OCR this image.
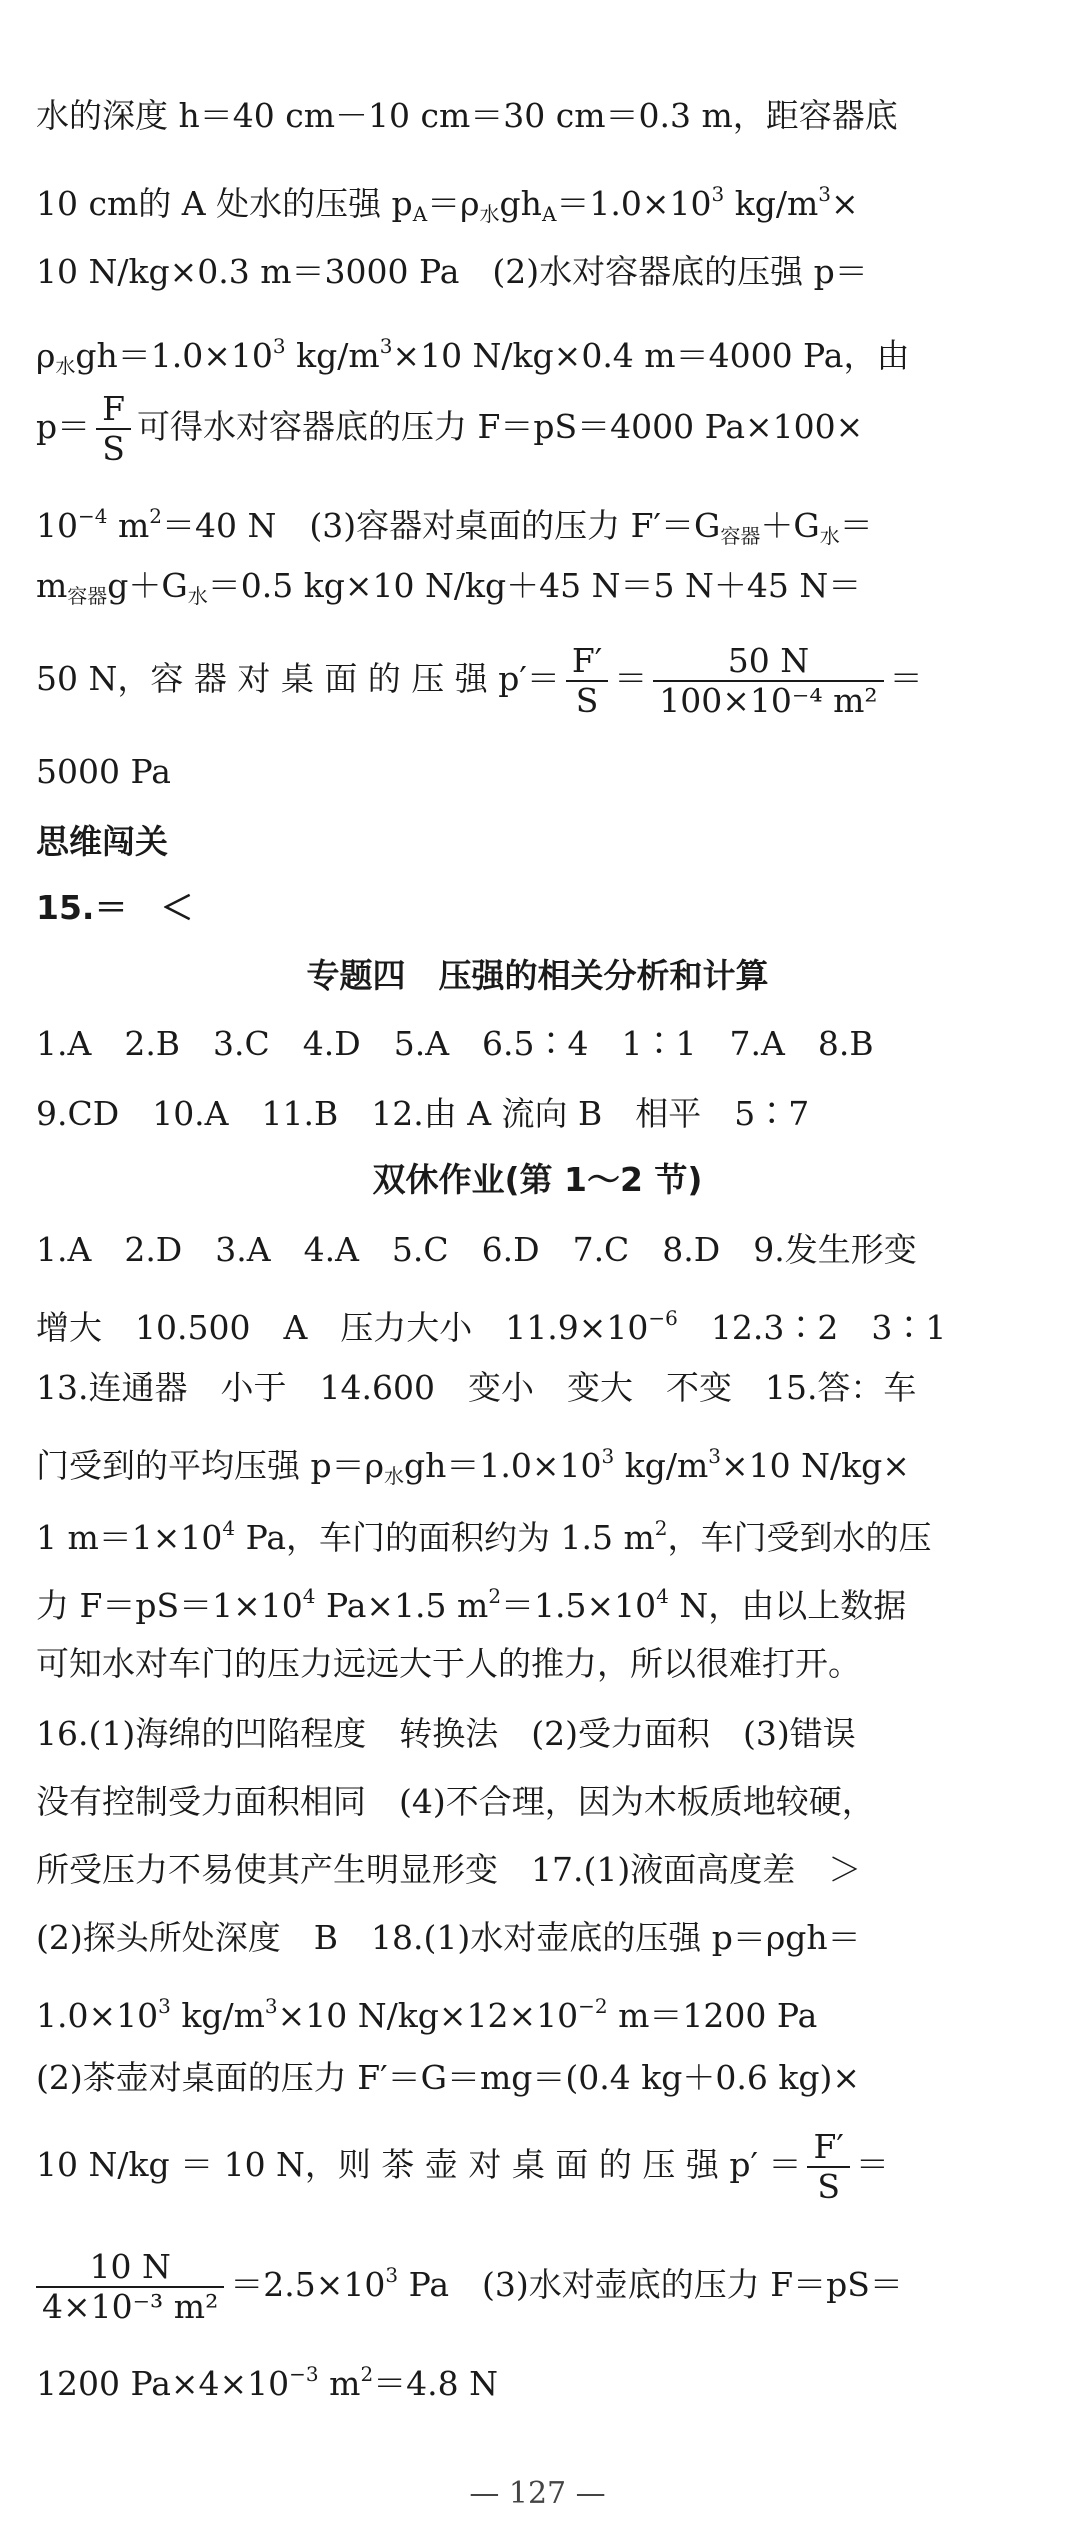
水的深度 h＝40 cm－10 cm＝30 cm＝0.3 m，距容器底
10 cm的 A 处水的压强 $p_A=\rho_水gh_A=1.0\times 10^3$ $kg/m^3\times$
10 N/kg×0.3 m＝3000 Pa　(2)水对容器底的压强 p＝
$\rho_水gh=1.0\times 10^3$ $kg/m^3\times 10$ N/kg×0.4 m＝4000 Pa，由
$p= \frac{F}{S}$ 可得水对容器底的压力 F＝pS＝4000 Pa×100×
$10^{-4}$ $m^2=40$ N　(3)容器对桌面的压力 $F'=G_{容器}+G_水=$
$m_{容器}g+G_水=0.5$ kg×10 N/kg＋45 N＝5 N＋45 N＝
50 N，容 器 对 桌 面 的 压 强 $p'= \frac{F'}{S} = \frac{50 N}{\text{100×10⁻⁴ m²}}$ ＝
5000 Pa
思维闯关
15.＝　＜
专题四　压强的相关分析和计算
1.A　2.B　3.C　4.D　5.A　6.5∶4　1∶1　7.A　8.B
9.CD　10.A　11.B　12.由 A 流向 B　相平　5∶7
双休作业(第 1～2 节)
1.A　2.D　3.A　4.A　5.C　6.D　7.C　8.D　9.发生形变
增大　10.500　A　压力大小　$11.9\times 10^{-6}$　12.3∶2　3∶1
13.连通器　小于　14.600　变小　变大　不变　15.答：车
门受到的平均压强 $p=\rho_水gh=1.0\times 10^3$ $kg/m^3\times 10$ N/kg×
1 $m=1\times 10^4$ Pa，车门的面积约为 1.5 $m^2$，车门受到水的压
力 $F=pS=1\times 10^4$ Pa×1.5 $m^2=1.5\times 10^4$ N，由以上数据
可知水对车门的压力远远大于人的推力，所以很难打开。
16.(1)海绵的凹陷程度　转换法　(2)受力面积　(3)错误
没有控制受力面积相同　(4)不合理，因为木板质地较硬，
所受压力不易使其产生明显形变　17.(1)液面高度差　＞
(2)探头所处深度　B　18.(1)水对壶底的压强 p＝ρgh＝
$1.0\times 10^3$ $kg/m^3\times 10$ $N/kg\times 12\times 10^{-2}$ m＝1200 Pa
(2)茶壶对桌面的压力 F′＝G＝mg＝(0.4 kg＋0.6 kg)×
10 N/kg ＝ 10 N，则 茶 壶 对 桌 面 的 压 强 $p' = \frac{F'}{S}$ ＝
$\frac{10 N}{\text{4×10⁻³ m²}} =2.5\times 10^3$ Pa　(3)水对壶底的压力 F＝pS＝
1200 $Pa\times 4\times 10^{-3}$ $m^2=4.8$ N
— 127 —
